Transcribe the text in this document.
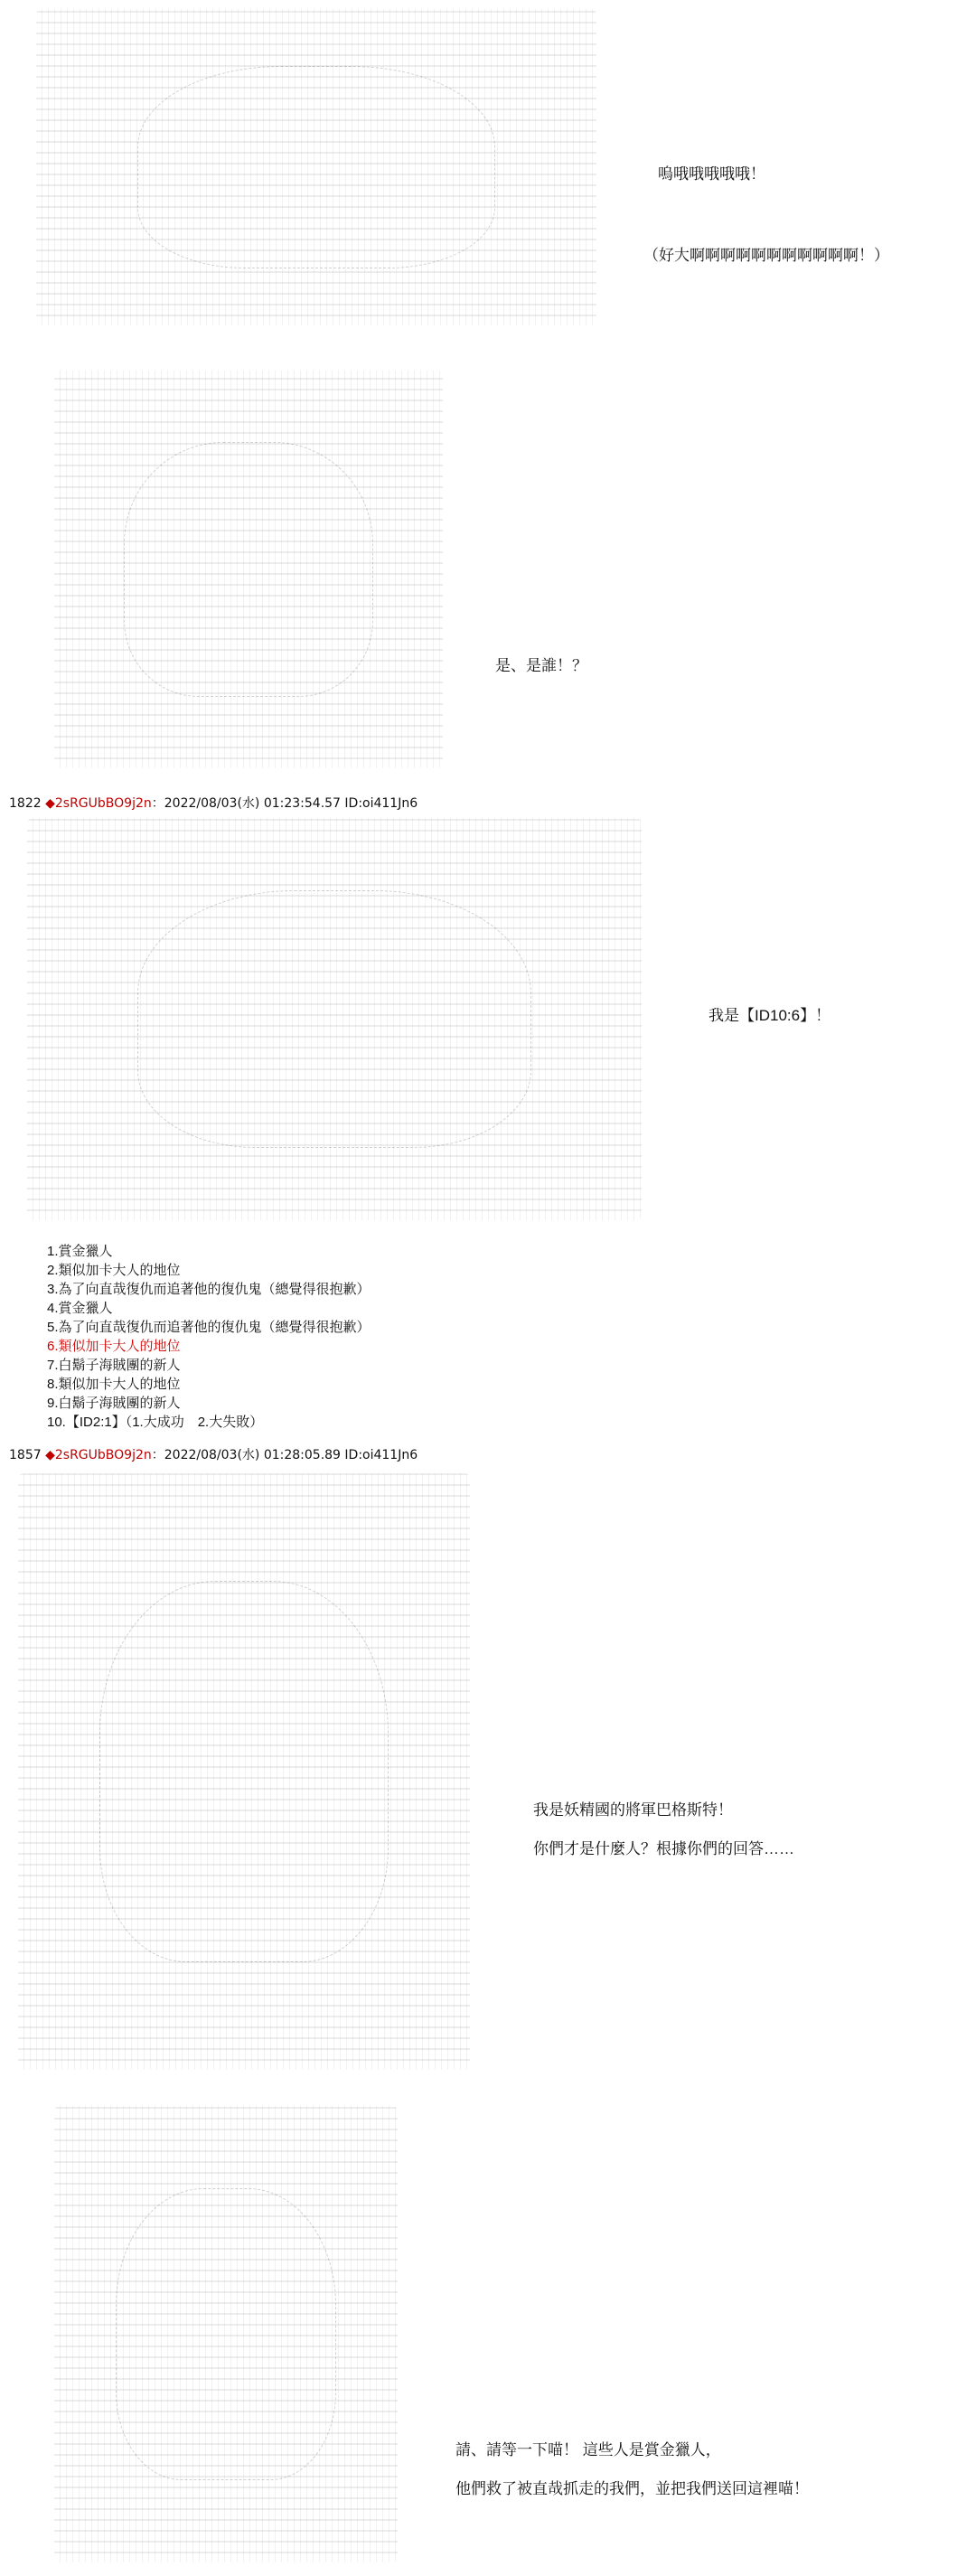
嗚哦哦哦哦哦！
（好大啊啊啊啊啊啊啊啊啊啊啊！）
是、是誰！？
1822 ◆2sRGUbBO9j2n：2022/08/03(水) 01:23:54.57 ID:oi411Jn6
我是【ID10:6】！
1.賞金獵人
2.類似加卡大人的地位
3.為了向直哉復仇而追著他的復仇鬼（總覺得很抱歉）
4.賞金獵人
5.為了向直哉復仇而追著他的復仇鬼（總覺得很抱歉）
6.類似加卡大人的地位
7.白鬍子海賊團的新人
8.類似加卡大人的地位
9.白鬍子海賊團的新人
10.【ID2:1】（1.大成功　2.大失敗）
1857 ◆2sRGUbBO9j2n：2022/08/03(水) 01:28:05.89 ID:oi411Jn6
我是妖精國的將軍巴格斯特！
你們才是什麼人？根據你們的回答……
請、請等一下喵！ 這些人是賞金獵人，
他們救了被直哉抓走的我們，並把我們送回這裡喵！
